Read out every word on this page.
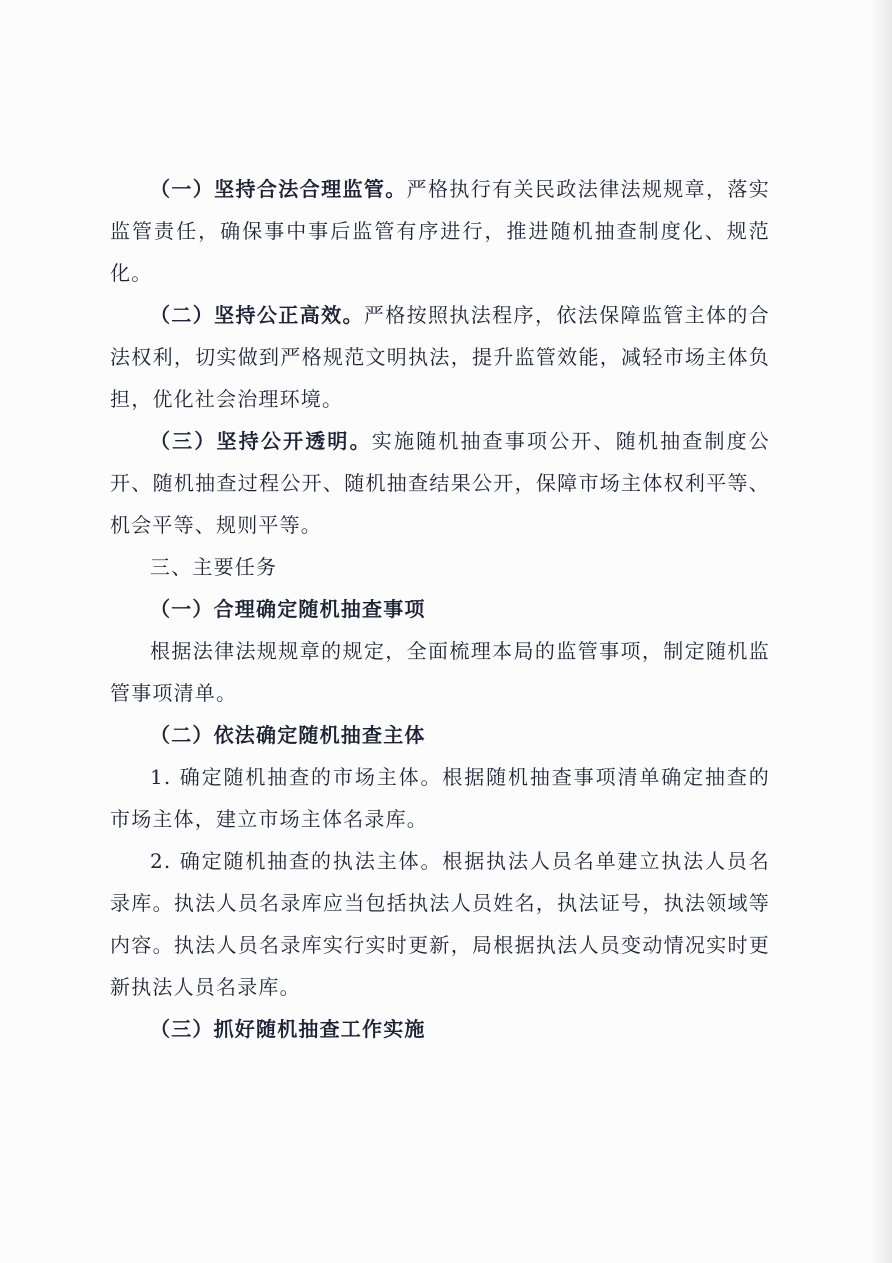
（一）坚持合法合理监管。严格执行有关民政法律法规规章，落实监管责任，确保事中事后监管有序进行，推进随机抽查制度化、规范化。

（二）坚持公正高效。严格按照执法程序，依法保障监管主体的合法权利，切实做到严格规范文明执法，提升监管效能，减轻市场主体负担，优化社会治理环境。

（三）坚持公开透明。实施随机抽查事项公开、随机抽查制度公开、随机抽查过程公开、随机抽查结果公开，保障市场主体权利平等、机会平等、规则平等。

三、主要任务

（一）合理确定随机抽查事项

根据法律法规规章的规定，全面梳理本局的监管事项，制定随机监管事项清单。

（二）依法确定随机抽查主体

1. 确定随机抽查的市场主体。根据随机抽查事项清单确定抽查的市场主体，建立市场主体名录库。

2. 确定随机抽查的执法主体。根据执法人员名单建立执法人员名录库。执法人员名录库应当包括执法人员姓名，执法证号，执法领域等内容。执法人员名录库实行实时更新，局根据执法人员变动情况实时更新执法人员名录库。

（三）抓好随机抽查工作实施
